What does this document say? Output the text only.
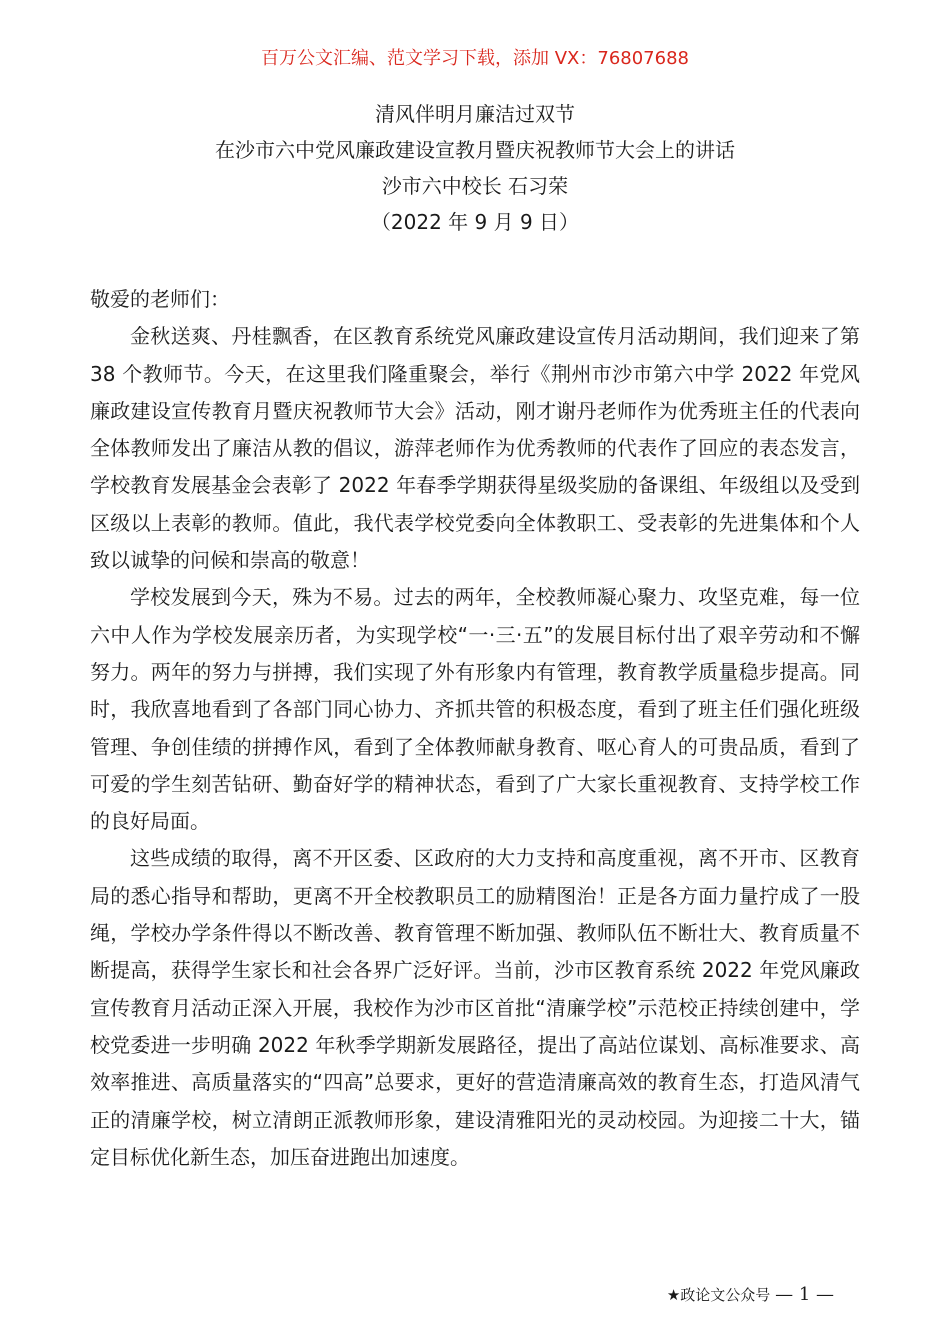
百万公文汇编、范文学习下载，添加 VX：76807688
清风伴明月廉洁过双节
在沙市六中党风廉政建设宣教月暨庆祝教师节大会上的讲话
沙市六中校长 石习荣
（2022 年 9 月 9 日）

敬爱的老师们：

金秋送爽、丹桂飘香，在区教育系统党风廉政建设宣传月活动期间，我们迎来了第 38 个教师节。今天，在这里我们隆重聚会，举行《荆州市沙市第六中学 2022 年党风廉政建设宣传教育月暨庆祝教师节大会》活动，刚才谢丹老师作为优秀班主任的代表向全体教师发出了廉洁从教的倡议，游萍老师作为优秀教师的代表作了回应的表态发言，学校教育发展基金会表彰了 2022 年春季学期获得星级奖励的备课组、年级组以及受到区级以上表彰的教师。值此，我代表学校党委向全体教职工、受表彰的先进集体和个人致以诚挚的问候和崇高的敬意！

学校发展到今天，殊为不易。过去的两年，全校教师凝心聚力、攻坚克难，每一位六中人作为学校发展亲历者，为实现学校“一·三·五”的发展目标付出了艰辛劳动和不懈努力。两年的努力与拼搏，我们实现了外有形象内有管理，教育教学质量稳步提高。同时，我欣喜地看到了各部门同心协力、齐抓共管的积极态度，看到了班主任们强化班级管理、争创佳绩的拼搏作风，看到了全体教师献身教育、呕心育人的可贵品质，看到了可爱的学生刻苦钻研、勤奋好学的精神状态，看到了广大家长重视教育、支持学校工作的良好局面。

这些成绩的取得，离不开区委、区政府的大力支持和高度重视，离不开市、区教育局的悉心指导和帮助，更离不开全校教职员工的励精图治！正是各方面力量拧成了一股绳，学校办学条件得以不断改善、教育管理不断加强、教师队伍不断壮大、教育质量不断提高，获得学生家长和社会各界广泛好评。当前，沙市区教育系统 2022 年党风廉政宣传教育月活动正深入开展，我校作为沙市区首批“清廉学校”示范校正持续创建中，学校党委进一步明确 2022 年秋季学期新发展路径，提出了高站位谋划、高标准要求、高效率推进、高质量落实的“四高”总要求，更好的营造清廉高效的教育生态，打造风清气正的清廉学校，树立清朗正派教师形象，建设清雅阳光的灵动校园。为迎接二十大，锚定目标优化新生态，加压奋进跑出加速度。

★政论文公众号 — 1 —
